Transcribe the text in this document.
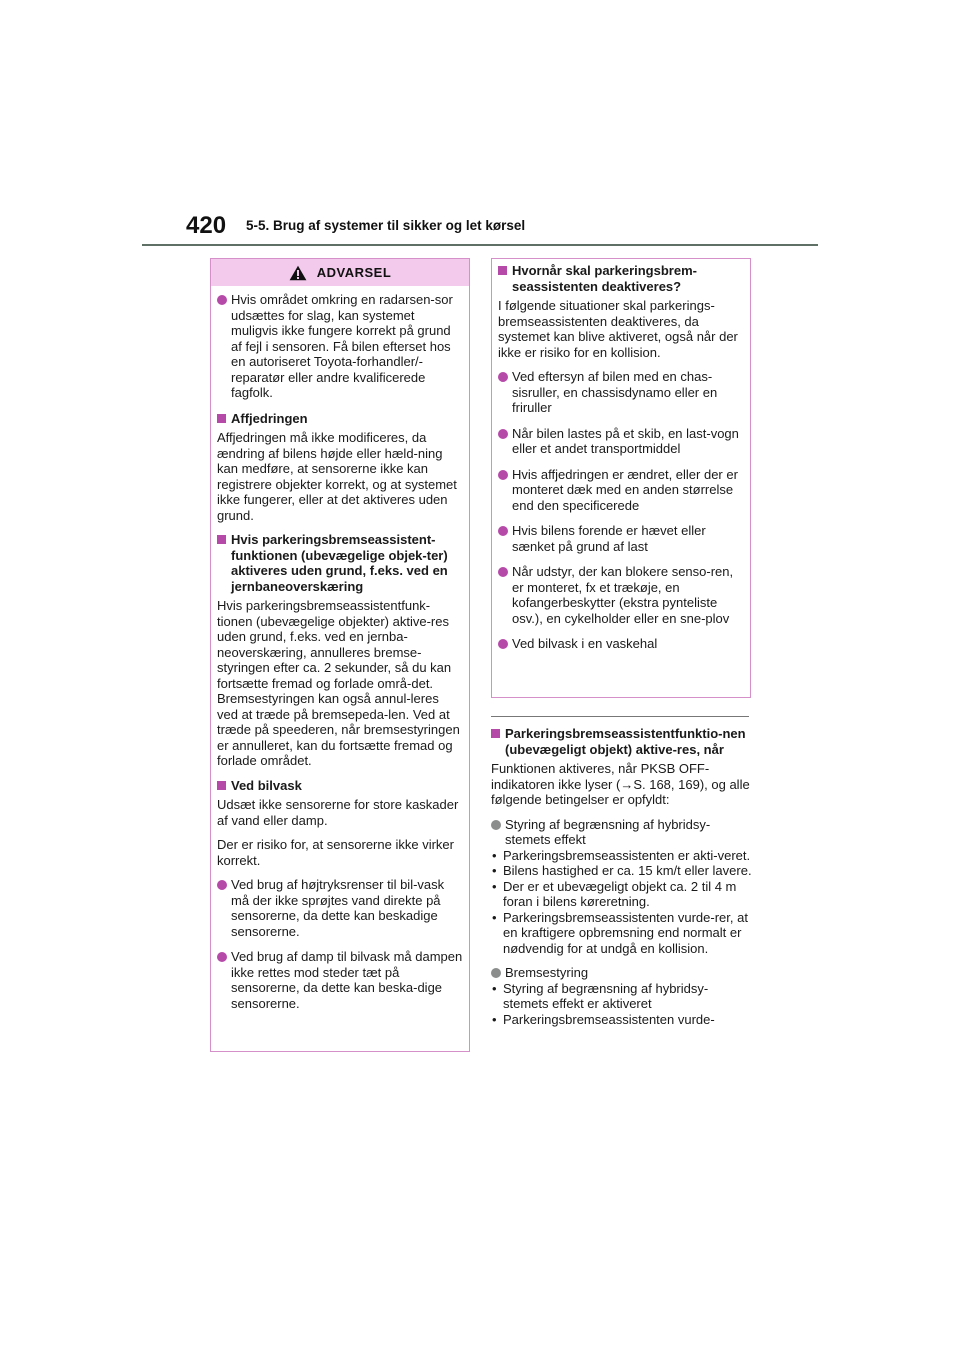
420 5-5. Brug af systemer til sikker og let kørsel
ADVARSEL

Hvis området omkring en radarsen-sor udsættes for slag, kan systemet muligvis ikke fungere korrekt på grund af fejl i sensoren. Få bilen efterset hos en autoriseret Toyota-forhandler/-reparatør eller andre kvalificerede fagfolk.

Affjedringen

Affjedringen må ikke modificeres, da ændring af bilens højde eller hæld-ning kan medføre, at sensorerne ikke kan registrere objekter korrekt, og at systemet ikke fungerer, eller at det aktiveres uden grund.

Hvis parkeringsbremseassistent-funktionen (ubevægelige objek-ter) aktiveres uden grund, f.eks. ved en jernbaneoverskæring

Hvis parkeringsbremseassistentfunk-tionen (ubevægelige objekter) aktive-res uden grund, f.eks. ved en jernba-neoverskæring, annulleres bremse-styringen efter ca. 2 sekunder, så du kan fortsætte fremad og forlade områ-det. Bremsestyringen kan også annul-leres ved at træde på bremsepeda-len. Ved at træde på speederen, når bremsestyringen er annulleret, kan du fortsætte fremad og forlade området.

Ved bilvask

Udsæt ikke sensorerne for store kaskader af vand eller damp.

Der er risiko for, at sensorerne ikke virker korrekt.

Ved brug af højtryksrenser til bil-vask må der ikke sprøjtes vand direkte på sensorerne, da dette kan beskadige sensorerne.

Ved brug af damp til bilvask må dampen ikke rettes mod steder tæt på sensorerne, da dette kan beska-dige sensorerne.

Hvornår skal parkeringsbrem-seassistenten deaktiveres?

I følgende situationer skal parkerings-bremseassistenten deaktiveres, da systemet kan blive aktiveret, også når der ikke er risiko for en kollision.

Ved eftersyn af bilen med en chas-sisruller, en chassisdynamo eller en friruller

Når bilen lastes på et skib, en last-vogn eller et andet transportmiddel

Hvis affjedringen er ændret, eller der er monteret dæk med en anden størrelse end den specificerede

Hvis bilens forende er hævet eller sænket på grund af last

Når udstyr, der kan blokere senso-ren, er monteret, fx et trækøje, en kofangerbeskytter (ekstra pynteliste osv.), en cykelholder eller en sne-plov

Ved bilvask i en vaskehal

Parkeringsbremseassistentfunktio-nen (ubevægeligt objekt) aktive-res, når

Funktionen aktiveres, når PKSB OFF-indikatoren ikke lyser (→S. 168, 169), og alle følgende betingelser er opfyldt:

Styring af begrænsning af hybridsy-stemets effekt

• Parkeringsbremseassistenten er akti-veret.
• Bilens hastighed er ca. 15 km/t eller lavere.
• Der er et ubevægeligt objekt ca. 2 til 4 m foran i bilens køreretning.
• Parkeringsbremseassistenten vurde-rer, at en kraftigere opbremsning end normalt er nødvendig for at undgå en kollision.

Bremsestyring

• Styring af begrænsning af hybridsy-stemets effekt er aktiveret
• Parkeringsbremseassistenten vurde-
